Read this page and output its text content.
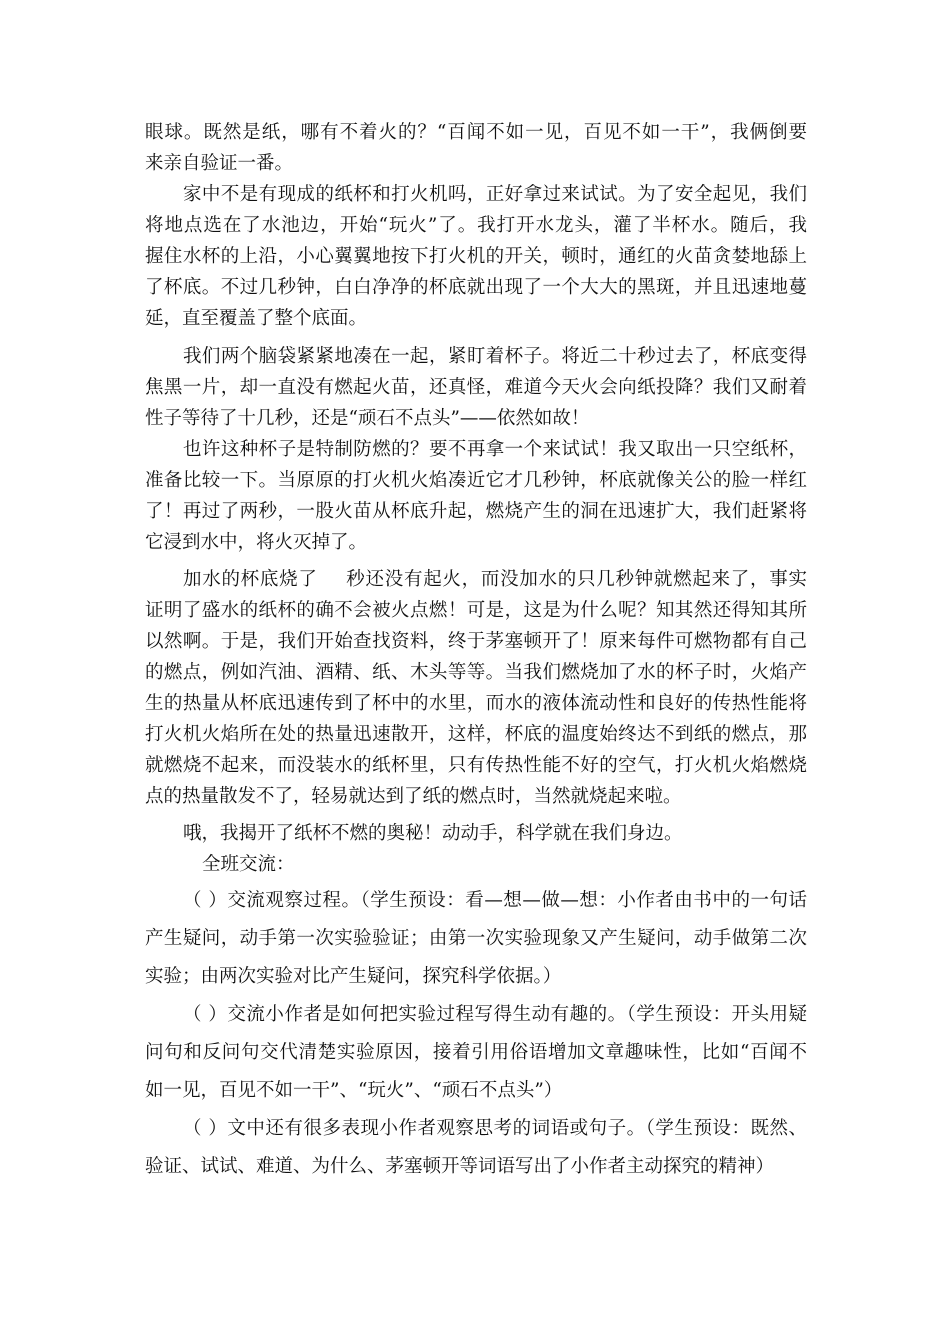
眼球。既然是纸，哪有不着火的？“百闻不如一见，百见不如一干”，我俩倒要

来亲自验证一番。

家中不是有现成的纸杯和打火机吗，正好拿过来试试。为了安全起见，我们

将地点选在了水池边，开始“玩火”了。我打开水龙头，灌了半杯水。随后，我

握住水杯的上沿，小心翼翼地按下打火机的开关，顿时，通红的火苗贪婪地舔上

了杯底。不过几秒钟，白白净净的杯底就出现了一个大大的黑斑，并且迅速地蔓

延，直至覆盖了整个底面。

我们两个脑袋紧紧地凑在一起，紧盯着杯子。将近二十秒过去了，杯底变得

焦黑一片，却一直没有燃起火苗，还真怪，难道今天火会向纸投降？我们又耐着

性子等待了十几秒，还是“顽石不点头”——依然如故！

也许这种杯子是特制防燃的？要不再拿一个来试试！我又取出一只空纸杯，

准备比较一下。当原原的打火机火焰凑近它才几秒钟，杯底就像关公的脸一样红

了！再过了两秒，一股火苗从杯底升起，燃烧产生的洞在迅速扩大，我们赶紧将

它浸到水中，将火灭掉了。

加水的杯底烧了 秒还没有起火，而没加水的只几秒钟就燃起来了，事实

证明了盛水的纸杯的确不会被火点燃！可是，这是为什么呢？知其然还得知其所

以然啊。于是，我们开始查找资料，终于茅塞顿开了！原来每件可燃物都有自己

的燃点，例如汽油、酒精、纸、木头等等。当我们燃烧加了水的杯子时，火焰产

生的热量从杯底迅速传到了杯中的水里，而水的液体流动性和良好的传热性能将

打火机火焰所在处的热量迅速散开，这样，杯底的温度始终达不到纸的燃点，那

就燃烧不起来，而没装水的纸杯里，只有传热性能不好的空气，打火机火焰燃烧

点的热量散发不了，轻易就达到了纸的燃点时，当然就烧起来啦。

哦，我揭开了纸杯不燃的奥秘！动动手，科学就在我们身边。

全班交流：

（ ）交流观察过程。（学生预设：看—想—做—想：小作者由书中的一句话

产生疑问，动手第一次实验验证；由第一次实验现象又产生疑问，动手做第二次

实验；由两次实验对比产生疑问，探究科学依据。）

（ ）交流小作者是如何把实验过程写得生动有趣的。（学生预设：开头用疑

问句和反问句交代清楚实验原因，接着引用俗语增加文章趣味性，比如“百闻不

如一见，百见不如一干”、“玩火”、“顽石不点头”）

（ ）文中还有很多表现小作者观察思考的词语或句子。（学生预设：既然、

验证、试试、难道、为什么、茅塞顿开等词语写出了小作者主动探究的精神）
